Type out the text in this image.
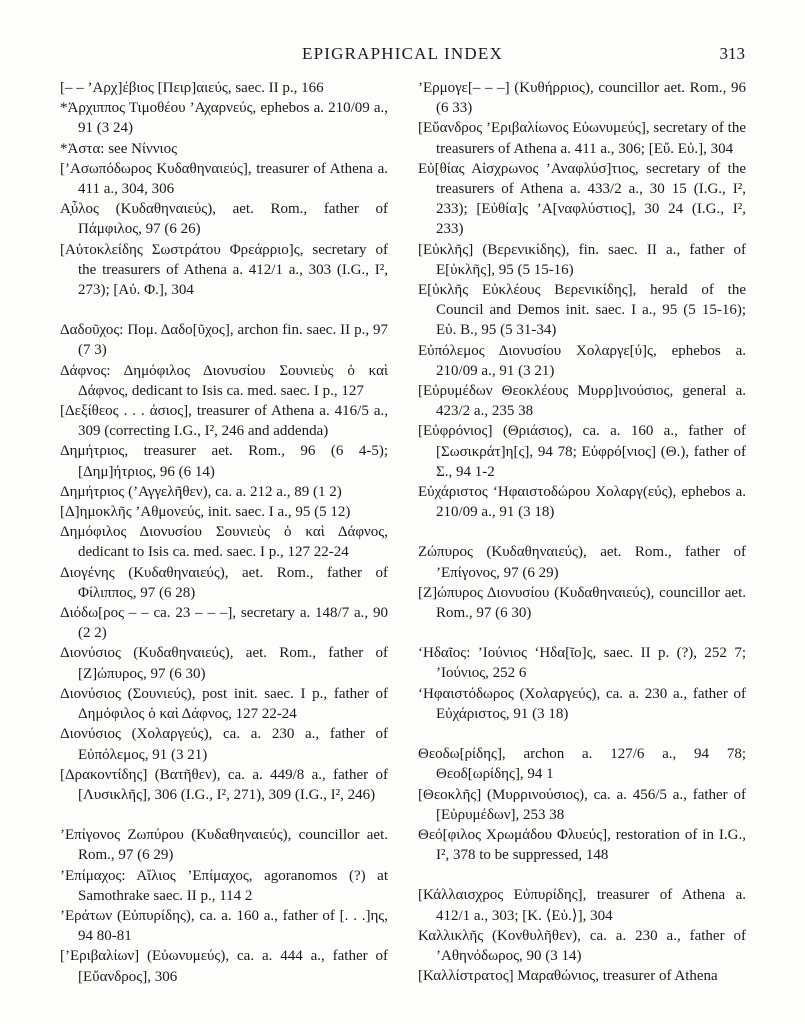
EPIGRAPHICAL INDEX	313

[– – ’Αρχ]έβιος [Πειρ]αιεύς, saec. II p., 166

*Ἀρχιππος Τιμοθέου ’Αχαρνεύς, ephebos a. 210/09 a., 91 (3 24)

*Ἀστα: see Νίννιος

[’Ασωπόδωρος Κυδαθηναιεύς], treasurer of Athena a. 411 a., 304, 306

Α̣ὖλος (Κυδαθηναιεύς), aet. Rom., father of Πάμφιλος, 97 (6 26)

[Αὐτοκλείδης Σωστράτου Φρεάρριο]ς, secretary of the treasurers of Athena a. 412/1 a., 303 (I.G., I², 273); [Αὐ. Φ.], 304

Δαδοῦχος: Πομ. Δαδο[ῦχος], archon fin. saec. II p., 97 (7 3)

Δάφνος: Δημόφιλος Διονυσίου Σουνιεὺς ὁ καὶ Δάφνος, dedicant to Isis ca. med. saec. I p., 127

[Δεξίθεος . . . άσιος], treasurer of Athena a. 416/5 a., 309 (correcting I.G., I², 246 and addenda)

Δημήτριος, treasurer aet. Rom., 96 (6 4-5); [Δημ]ήτριος, 96 (6 14)

Δημήτριος (’Αγγελῆθεν), ca. a. 212 a., 89 (1 2)

[Δ]ημοκλῆς ’Αθμονεύς, init. saec. I a., 95 (5 12)

Δημόφιλος Διονυσίου Σουνιεὺς ὁ καὶ Δάφνος, dedicant to Isis ca. med. saec. I p., 127 22-24

Διογένης (Κυδαθηναιεύς), aet. Rom., father of Φίλιππος, 97 (6 28)

Διόδω[ρος – – ca. 23 – – –], secretary a. 148/7 a., 90 (2 2)

Διονύσιος (Κυδαθηναιεύς), aet. Rom., father of [Ζ]ώπυρος, 97 (6 30)

Διονύσιος (Σουνιεύς), post init. saec. I p., father of Δημόφιλος ὁ καὶ Δάφνος, 127 22-24

Διονύσιος (Χολαργεύς), ca. a. 230 a., father of Εὐπόλεμος, 91 (3 21)

[Δρακοντίδης] (Βατῆθεν), ca. a. 449/8 a., father of [Λυσικλῆς], 306 (I.G., I², 271), 309 (I.G., I², 246)

’Επίγονος Ζωπύρου (Κυδαθηναιεύς), councillor aet. Rom., 97 (6 29)

’Επίμαχος: Αἴλιος ’Επίμαχος, agoranomos (?) at Samothrake saec. II p., 114 2

’Εράτων (Εὐπυρίδης), ca. a. 160 a., father of [. . .]ης, 94 80-81

[’Εριβαλίων] (Εὐωνυμεύς), ca. a. 444 a., father of [Εὔανδρος], 306

’Ερμογε[– – –] (Κυθήρριος), councillor aet. Rom., 96 (6 33)

[Εὔανδρος ’Εριβαλίωνος Εὐωνυμεύς], secretary of the treasurers of Athena a. 411 a., 306; [Εὔ. Εὐ.], 304

Εὐ[θίας Αἰσχρωνος ’Αναφλύσ]τιος, secretary of the treasurers of Athena a. 433/2 a., 30 15 (I.G., I², 233); [Εὐθία]ς ’Α[ναφλύστιος], 30 24 (I.G., I², 233)

[Εὐκλῆς] (Βερενικίδης), fin. saec. II a., father of Ε[ὐκλῆς], 95 (5 15-16)

Ε[ὐκλῆς Εὐκλέους Βερενικίδης], herald of the Council and Demos init. saec. I a., 95 (5 15-16); Εὐ. Β., 95 (5 31-34)

Εὐπόλεμος Διονυσίου Χολαργε[ύ]ς, ephebos a. 210/09 a., 91 (3 21)

[Εὐρυμέδων Θεοκλέους Μυρρ]ινούσιος, general a. 423/2 a., 235 38

[Εὐφρόνιος] (Θριάσιος), ca. a. 160 a., father of [Σωσικράτ]η[ς], 94 78; Εὐφρό[νιος] (Θ.), father of Σ., 94 1-2

Εὐχάριστος ‘Ηφαιστοδώρου Χολαργ(εύς), ephebos a. 210/09 a., 91 (3 18)

Ζώπυρος (Κυδαθηναιεύς), aet. Rom., father of ’Επίγονος, 97 (6 29)

[Ζ]ώπυρος Διονυσίου (Κυδαθηναιεύς), councillor aet. Rom., 97 (6 30)

‘Ηδαῖος: ’Ιούνιος ‘Ηδα[ῖο]ς, saec. II p. (?), 252 7; ’Ιούνιος, 252 6

‘Ηφαιστόδωρος (Χολαργεύς), ca. a. 230 a., father of Εὐχάριστος, 91 (3 18)

Θεοδω[ρίδης], archon a. 127/6 a., 94 78; Θεοδ[ωρίδης], 94 1

[Θεοκλῆς] (Μυρρινούσιος), ca. a. 456/5 a., father of [Εὐρυμέδων], 253 38

Θεό[φιλος Χρωμάδου Φλυεύς], restoration of in I.G., I², 378 to be suppressed, 148

[Κάλλαισχρος Εὐπυρίδης], treasurer of Athena a. 412/1 a., 303; [Κ. ⟨Εὐ.⟩], 304

Καλλικλῆς (Κονθυλῆθεν), ca. a. 230 a., father of ’Αθηνόδωρος, 90 (3 14)

[Καλλίστρατος] Μαραθώνιος, treasurer of Athena
